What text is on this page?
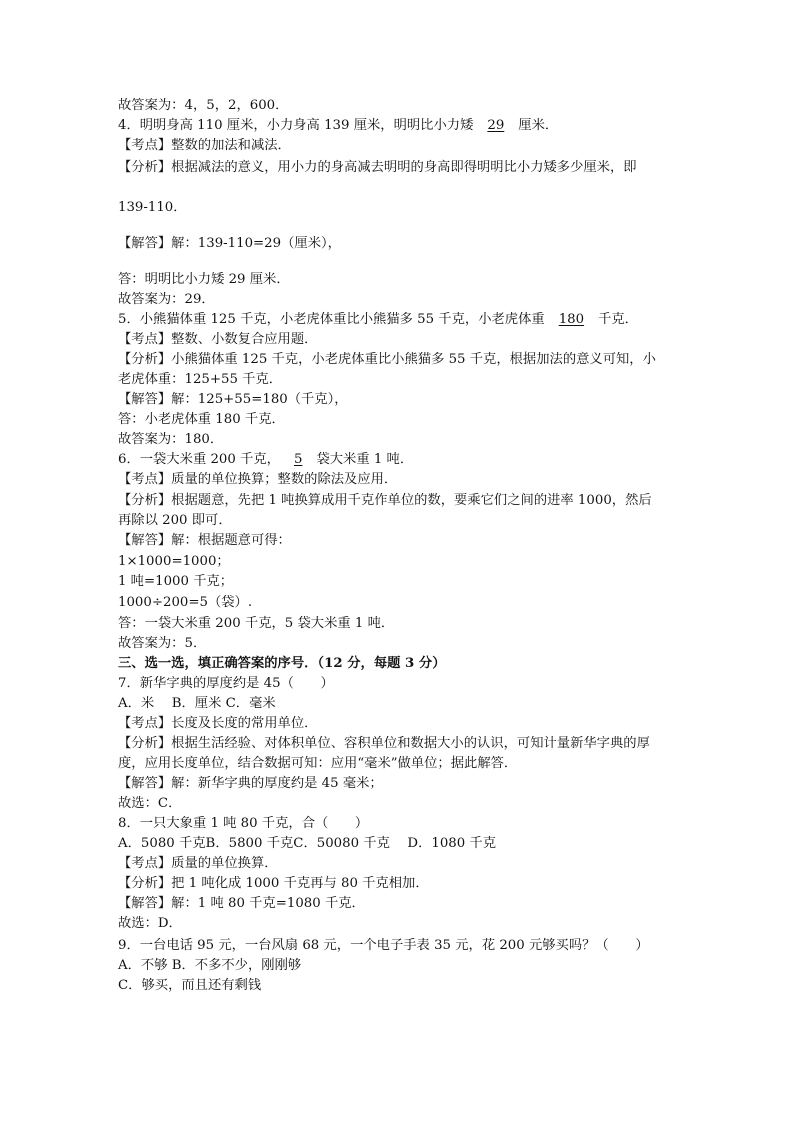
故答案为：4，5，2，600．
4．明明身高 110 厘米，小力身高 139 厘米，明明比小力矮 29 厘米．
【考点】整数的加法和减法．
【分析】根据减法的意义，用小力的身高减去明明的身高即得明明比小力矮多少厘米，即
139-110．
【解答】解：139-110=29（厘米），
答：明明比小力矮 29 厘米．
故答案为：29．
5．小熊猫体重 125 千克，小老虎体重比小熊猫多 55 千克，小老虎体重 180 千克．
【考点】整数、小数复合应用题．
【分析】小熊猫体重 125 千克，小老虎体重比小熊猫多 55 千克，根据加法的意义可知，小
老虎体重：125+55 千克．
【解答】解：125+55=180（千克），
答：小老虎体重 180 千克．
故答案为：180．
6．一袋大米重 200 千克， 5 袋大米重 1 吨．
【考点】质量的单位换算；整数的除法及应用．
【分析】根据题意，先把 1 吨换算成用千克作单位的数，要乘它们之间的进率 1000，然后
再除以 200 即可．
【解答】解：根据题意可得：
1×1000=1000；
1 吨=1000 千克；
1000÷200=5（袋）.
答：一袋大米重 200 千克，5 袋大米重 1 吨．
故答案为：5．
三、选一选，填正确答案的序号．（12 分，每题 3 分）
7．新华字典的厚度约是 45（　　）
A．米　 B．厘米 C．毫米
【考点】长度及长度的常用单位．
【分析】根据生活经验、对体积单位、容积单位和数据大小的认识，可知计量新华字典的厚
度，应用长度单位，结合数据可知：应用“毫米”做单位；据此解答．
【解答】解：新华字典的厚度约是 45 毫米；
故选：C．
8．一只大象重 1 吨 80 千克，合（　　）
A．5080 千克B．5800 千克C．50080 千克　 D．1080 千克
【考点】质量的单位换算．
【分析】把 1 吨化成 1000 千克再与 80 千克相加．
【解答】解：1 吨 80 千克=1080 千克．
故选：D．
9．一台电话 95 元，一台风扇 68 元，一个电子手表 35 元，花 200 元够买吗？（　　）
A．不够 B．不多不少，刚刚够
C．够买，而且还有剩钱
